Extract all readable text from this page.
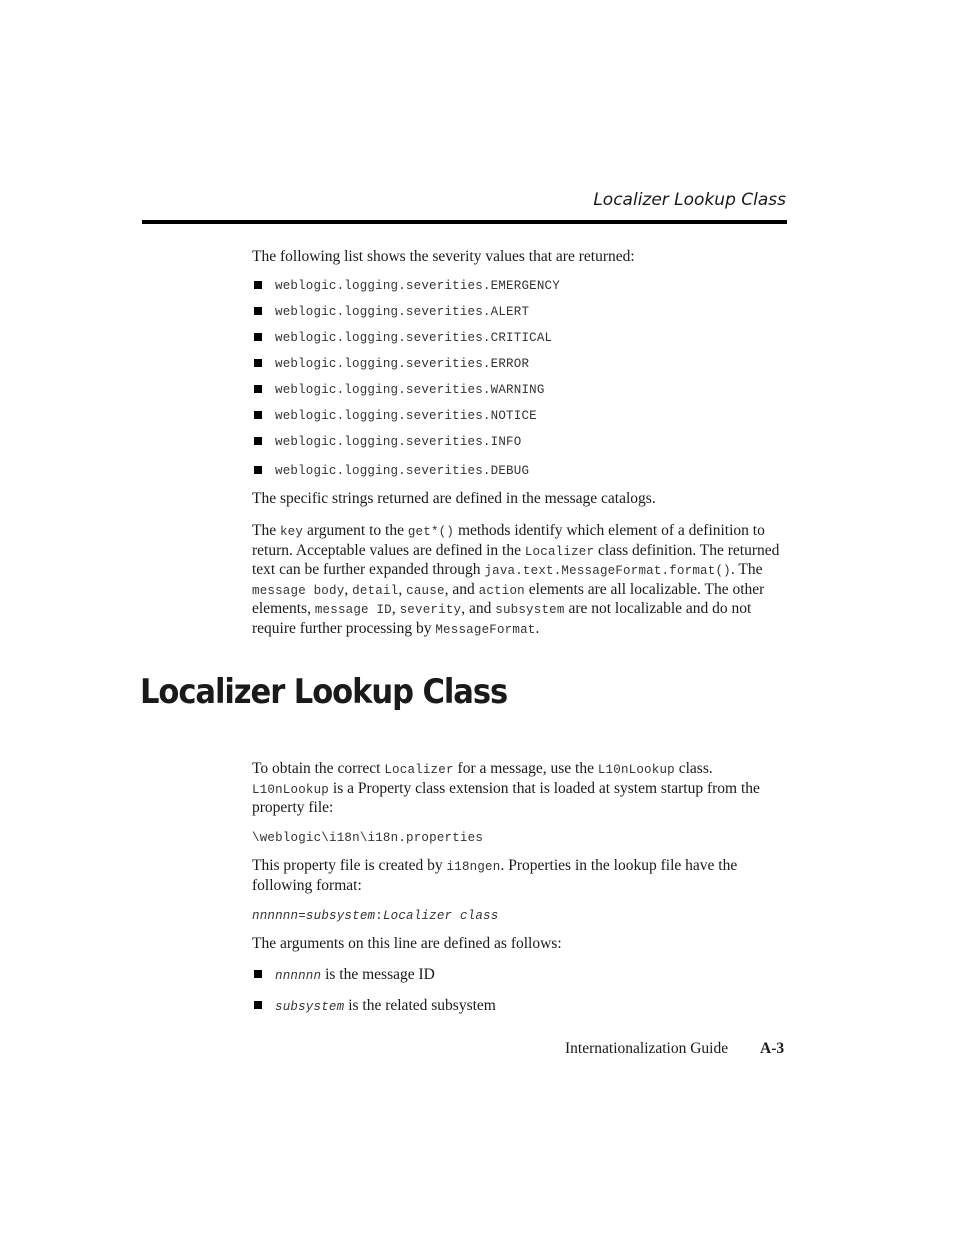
Localizer Lookup Class
The following list shows the severity values that are returned:
weblogic.logging.severities.EMERGENCY
weblogic.logging.severities.ALERT
weblogic.logging.severities.CRITICAL
weblogic.logging.severities.ERROR
weblogic.logging.severities.WARNING
weblogic.logging.severities.NOTICE
weblogic.logging.severities.INFO
weblogic.logging.severities.DEBUG
The specific strings returned are defined in the message catalogs.
The key argument to the get*() methods identify which element of a definition to return. Acceptable values are defined in the Localizer class definition. The returned text can be further expanded through java.text.MessageFormat.format(). The message body, detail, cause, and action elements are all localizable. The other elements, message ID, severity, and subsystem are not localizable and do not require further processing by MessageFormat.
Localizer Lookup Class
To obtain the correct Localizer for a message, use the L10nLookup class. L10nLookup is a Property class extension that is loaded at system startup from the property file:
\weblogic\i18n\i18n.properties
This property file is created by i18ngen. Properties in the lookup file have the following format:
nnnnnn=subsystem:Localizer class
The arguments on this line are defined as follows:
nnnnnn is the message ID
subsystem is the related subsystem
Internationalization Guide A-3
